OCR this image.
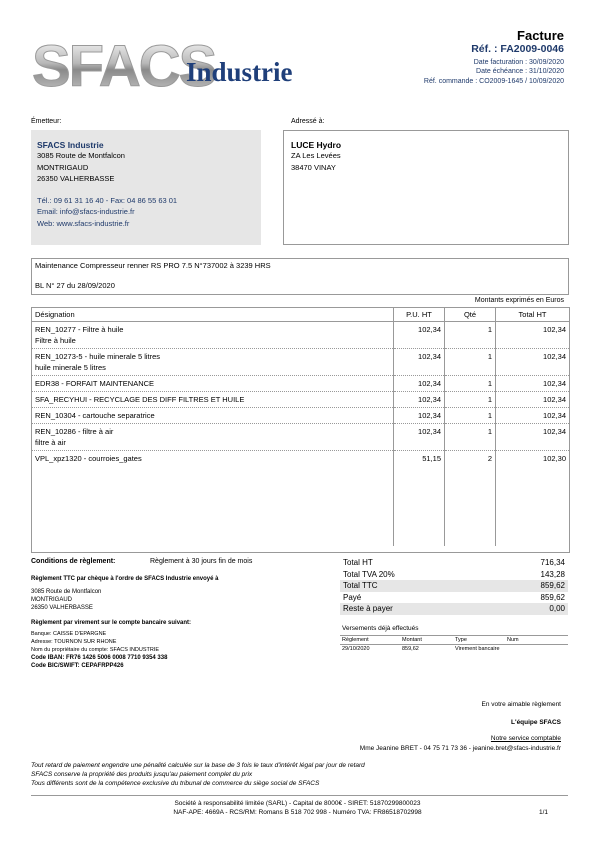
SFACS
Industrie
Facture
Réf. : FA2009-0046
Date facturation : 30/09/2020
Date échéance : 31/10/2020
Réf. commande : CO2009-1645 / 10/09/2020
Émetteur:	Adressé à:
SFACS Industrie
3085 Route de Montfalcon
MONTRIGAUD
26350 VALHERBASSE
Tél.: 09 61 31 16 40 - Fax: 04 86 55 63 01
Email: info@sfacs-industrie.fr
Web: www.sfacs-industrie.fr
LUCE Hydro
ZA Les Levées
38470 VINAY
Maintenance Compresseur renner RS PRO 7.5 N°737002 à 3239 HRS
BL N° 27 du 28/09/2020
Montants exprimés en Euros
Désignation	P.U. HT	Qté	Total HT
REN_10277 - Filtre à huile
Filtre à huile	102,34	1	102,34
REN_10273-5 - huile minerale 5 litres
huile minerale 5 litres	102,34	1	102,34
EDR38 - FORFAIT MAINTENANCE	102,34	1	102,34
SFA_RECYHUI - RECYCLAGE DES DIFF FILTRES ET HUILE	102,34	1	102,34
REN_10304 - cartouche separatrice	102,34	1	102,34
REN_10286 - filtre à air
filtre à air	102,34	1	102,34
VPL_xpz1320 - courroies_gates	51,15	2	102,30
Conditions de règlement:	Règlement à 30 jours fin de mois
Règlement TTC par chèque à l'ordre de SFACS Industrie envoyé à
3085 Route de Montfalcon
MONTRIGAUD
26350 VALHERBASSE
Règlement par virement sur le compte bancaire suivant:
Banque: CAISSE D'EPARGNE
Adresse: TOURNON SUR RHONE
Nom du propriétaire du compte: SFACS INDUSTRIE
Code IBAN: FR76 1426 5006 0008 7710 9354 338
Code BIC/SWIFT: CEPAFRPP426
Total HT	716,34
Total TVA 20%	143,28
Total TTC	859,62
Payé	859,62
Reste à payer	0,00
Versements déjà effectués
Règlement	Montant	Type	Num
29/10/2020	859,62	Virement bancaire
En votre aimable règlement
L'équipe SFACS
Notre service comptable
Mme Jeanine BRET - 04 75 71 73 36 - jeanine.bret@sfacs-industrie.fr
Tout retard de paiement engendre une pénalité calculée sur la base de 3 fois le taux d'intérêt légal par jour de retard
SFACS conserve la propriété des produits jusqu'au paiement complet du prix
Tous différents sont de la compétence exclusive du tribunal de commerce du siège social de SFACS
Société à responsabilité limitée (SARL) - Capital de 8000€ - SIRET: 51870299800023
NAF-APE: 4669A - RCS/RM: Romans B 518 702 998 - Numéro TVA: FR86518702998	1/1
